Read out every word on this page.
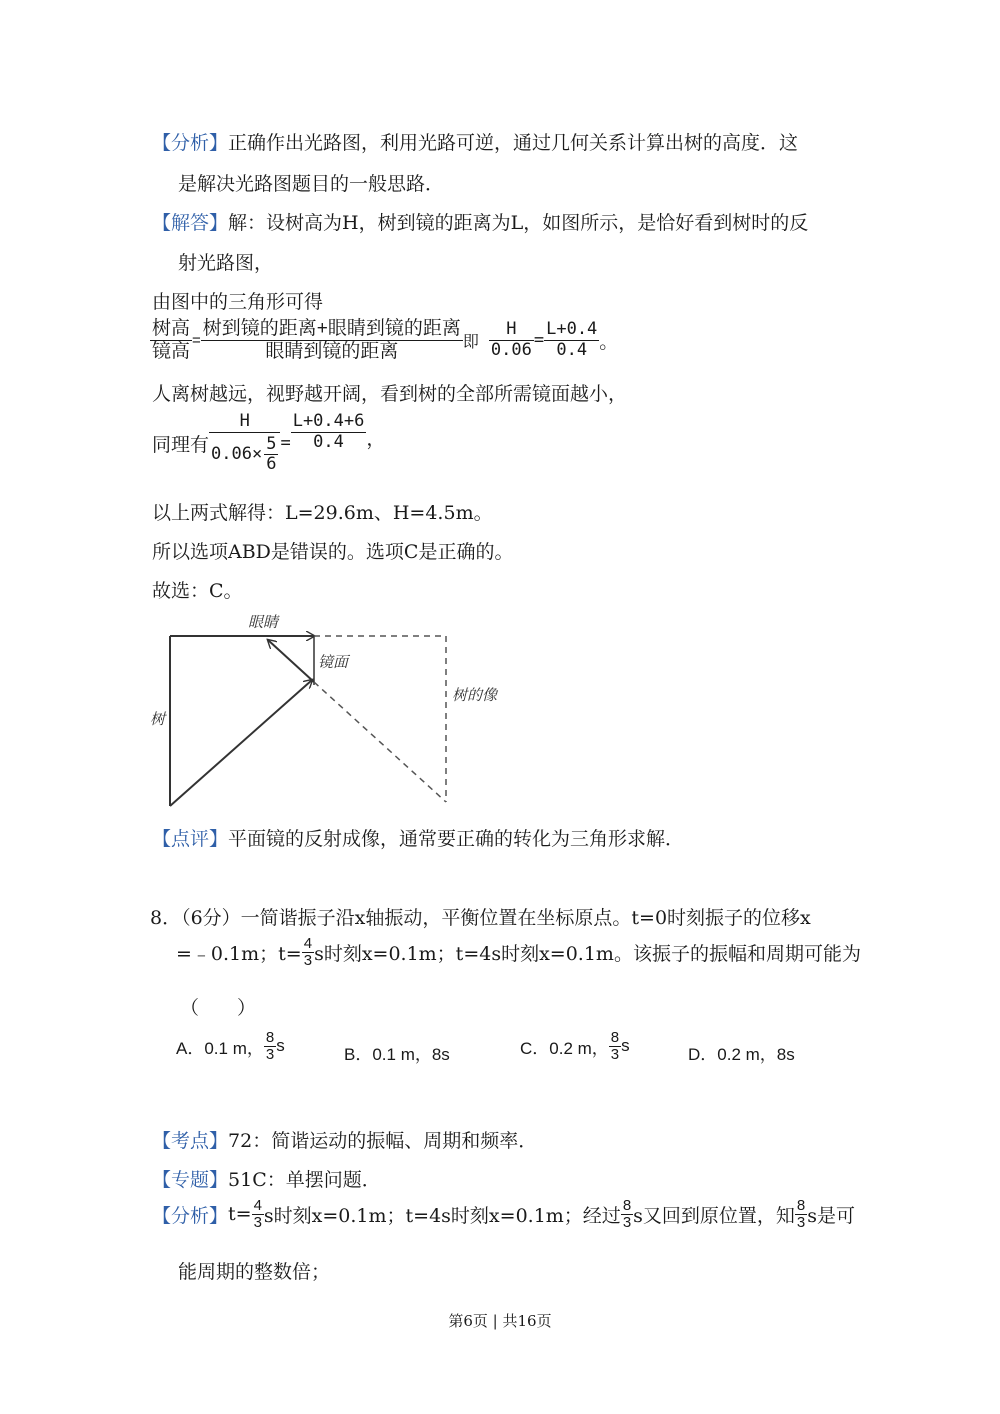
【分析】正确作出光路图，利用光路可逆，通过几何关系计算出树的高度．这
是解决光路图题目的一般思路．
【解答】解：设树高为H，树到镜的距离为L，如图所示，是恰好看到树时的反
射光路图，
由图中的三角形可得
$\frac{\text{树高}}{\text{镜高}} = \frac{\text{树到镜的距离+眼睛到镜的距离}}{\text{眼睛到镜的距离}}$ 即 $\frac{H}{0.06} = \frac{L+0.4}{0.4}$ 。
人离树越远，视野越开阔，看到树的全部所需镜面越小，
同理有 $\frac{H}{0.06\times \frac{5}{6}} = \frac{L+0.4+6}{0.4}$ ，
以上两式解得：L=29.6m、H=4.5m。
所以选项ABD是错误的。选项C是正确的。
故选：C。
眼睛
镜面
树的像
树
【点评】平面镜的反射成像，通常要正确的转化为三角形求解．
8．（6分）一简谐振子沿x轴振动，平衡位置在坐标原点。t=0时刻振子的位移x
=﹣0.1m；$t= \frac{4}{3}$ s时刻x=0.1m；t=4s时刻x=0.1m。该振子的振幅和周期可能为
（　　）
A．0.1 m， $\frac{8}{3}$ s	B．0.1 m，8s	C．0.2 m， $\frac{8}{3}$ s	D．0.2 m，8s
【考点】72：简谐运动的振幅、周期和频率．
【专题】51C：单摆问题．
【分析】 $t= \frac{4}{3}$ s时刻x=0.1m；t=4s时刻x=0.1m；经过 $\frac{8}{3}$ s又回到原位置，知 $\frac{8}{3}$ s是可
能周期的整数倍；
第6页 | 共16页
